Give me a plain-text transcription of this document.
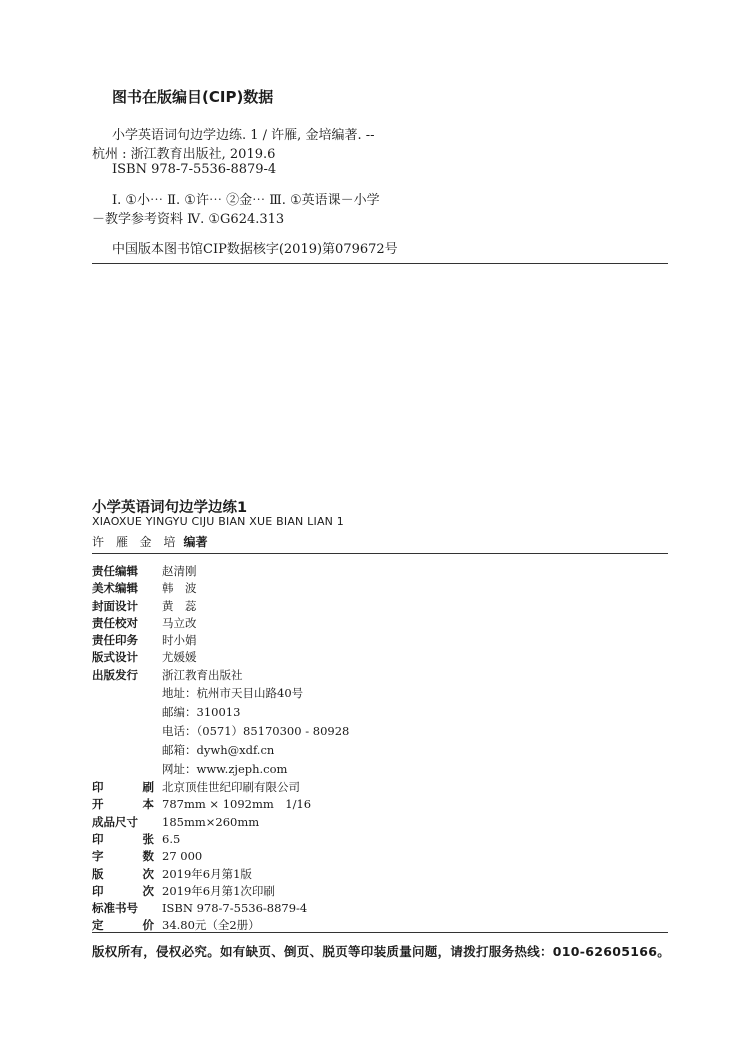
图书在版编目(CIP)数据
小学英语词句边学边练. 1 / 许雁, 金培编著. --
杭州 : 浙江教育出版社, 2019.6
ISBN 978-7-5536-8879-4
Ⅰ. ①小⋯ Ⅱ. ①许⋯ ②金⋯ Ⅲ. ①英语课－小学
－教学参考资料 Ⅳ. ①G624.313
中国版本图书馆CIP数据核字(2019)第079672号
小学英语词句边学边练1
XIAOXUE YINGYU CIJU BIAN XUE BIAN LIAN 1
许　雁 金　培 编著
责任编辑	赵清刚
美术编辑	韩　波
封面设计	黄　蕊
责任校对	马立改
责任印务	时小娟
版式设计	尤媛媛
出版发行	浙江教育出版社
地址：杭州市天目山路40号
邮编：310013
电话：（0571）85170300 - 80928
邮箱：dywh@xdf.cn
网址：www.zjeph.com
印	刷 北京顶佳世纪印刷有限公司
开	本 787mm × 1092mm　1/16
成品尺寸	185mm×260mm
印	张 6.5
字	数 27 000
版	次 2019年6月第1版
印	次 2019年6月第1次印刷
标准书号	ISBN 978-7-5536-8879-4
定	价 34.80元（全2册）
版权所有，侵权必究。如有缺页、倒页、脱页等印装质量问题，请拨打服务热线：010-62605166。
